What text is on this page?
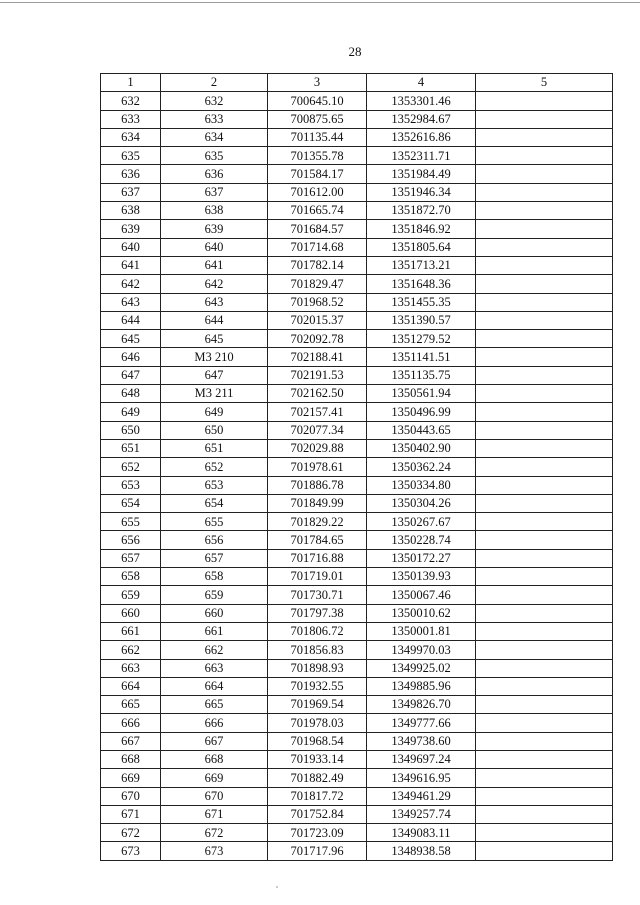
28
1	2	3	4	5
632	632	700645.10	1353301.46	
633	633	700875.65	1352984.67	
634	634	701135.44	1352616.86	
635	635	701355.78	1352311.71	
636	636	701584.17	1351984.49	
637	637	701612.00	1351946.34	
638	638	701665.74	1351872.70	
639	639	701684.57	1351846.92	
640	640	701714.68	1351805.64	
641	641	701782.14	1351713.21	
642	642	701829.47	1351648.36	
643	643	701968.52	1351455.35	
644	644	702015.37	1351390.57	
645	645	702092.78	1351279.52	
646	М3 210	702188.41	1351141.51	
647	647	702191.53	1351135.75	
648	М3 211	702162.50	1350561.94	
649	649	702157.41	1350496.99	
650	650	702077.34	1350443.65	
651	651	702029.88	1350402.90	
652	652	701978.61	1350362.24	
653	653	701886.78	1350334.80	
654	654	701849.99	1350304.26	
655	655	701829.22	1350267.67	
656	656	701784.65	1350228.74	
657	657	701716.88	1350172.27	
658	658	701719.01	1350139.93	
659	659	701730.71	1350067.46	
660	660	701797.38	1350010.62	
661	661	701806.72	1350001.81	
662	662	701856.83	1349970.03	
663	663	701898.93	1349925.02	
664	664	701932.55	1349885.96	
665	665	701969.54	1349826.70	
666	666	701978.03	1349777.66	
667	667	701968.54	1349738.60	
668	668	701933.14	1349697.24	
669	669	701882.49	1349616.95	
670	670	701817.72	1349461.29	
671	671	701752.84	1349257.74	
672	672	701723.09	1349083.11	
673	673	701717.96	1348938.58	
